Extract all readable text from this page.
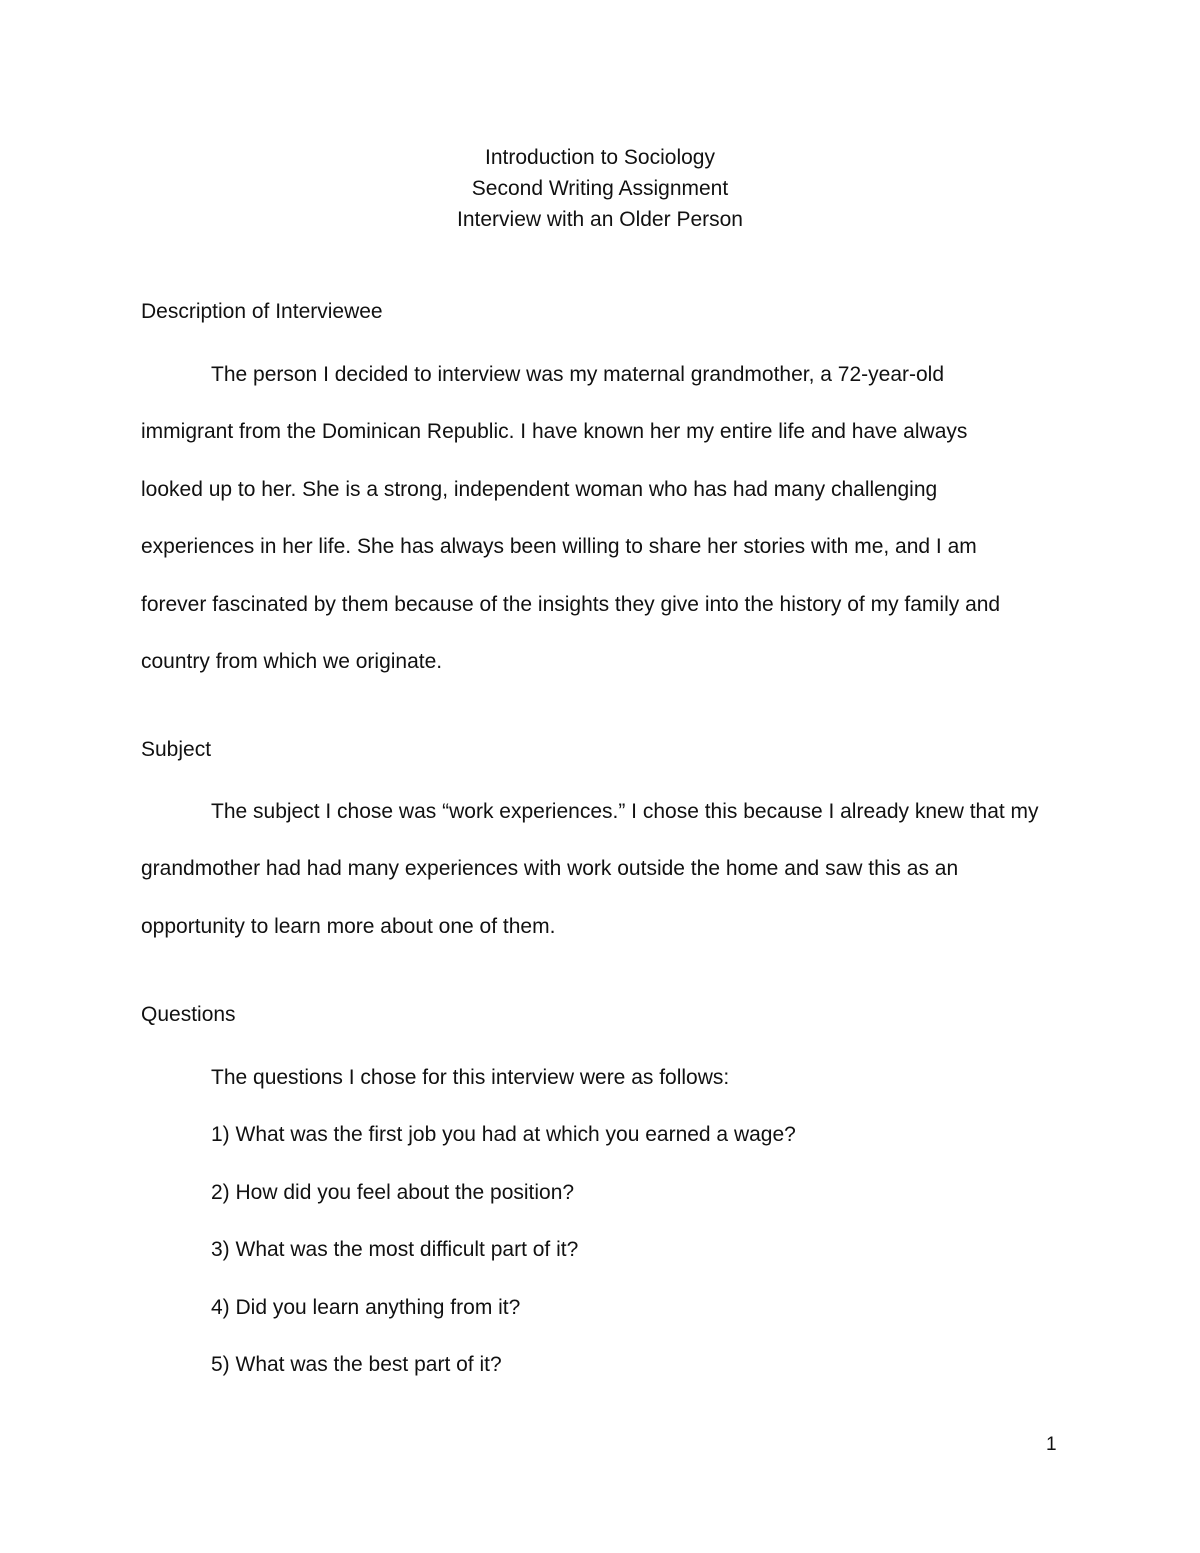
Introduction to Sociology
Second Writing Assignment
Interview with an Older Person
Description of Interviewee
The person I decided to interview was my maternal grandmother, a 72-year-old
immigrant from the Dominican Republic. I have known her my entire life and have always
looked up to her. She is a strong, independent woman who has had many challenging
experiences in her life. She has always been willing to share her stories with me, and I am
forever fascinated by them because of the insights they give into the history of my family and
country from which we originate.
Subject
The subject I chose was “work experiences.” I chose this because I already knew that my
grandmother had had many experiences with work outside the home and saw this as an
opportunity to learn more about one of them.
Questions
The questions I chose for this interview were as follows:
1) What was the first job you had at which you earned a wage?
2) How did you feel about the position?
3) What was the most difficult part of it?
4) Did you learn anything from it?
5) What was the best part of it?
1
